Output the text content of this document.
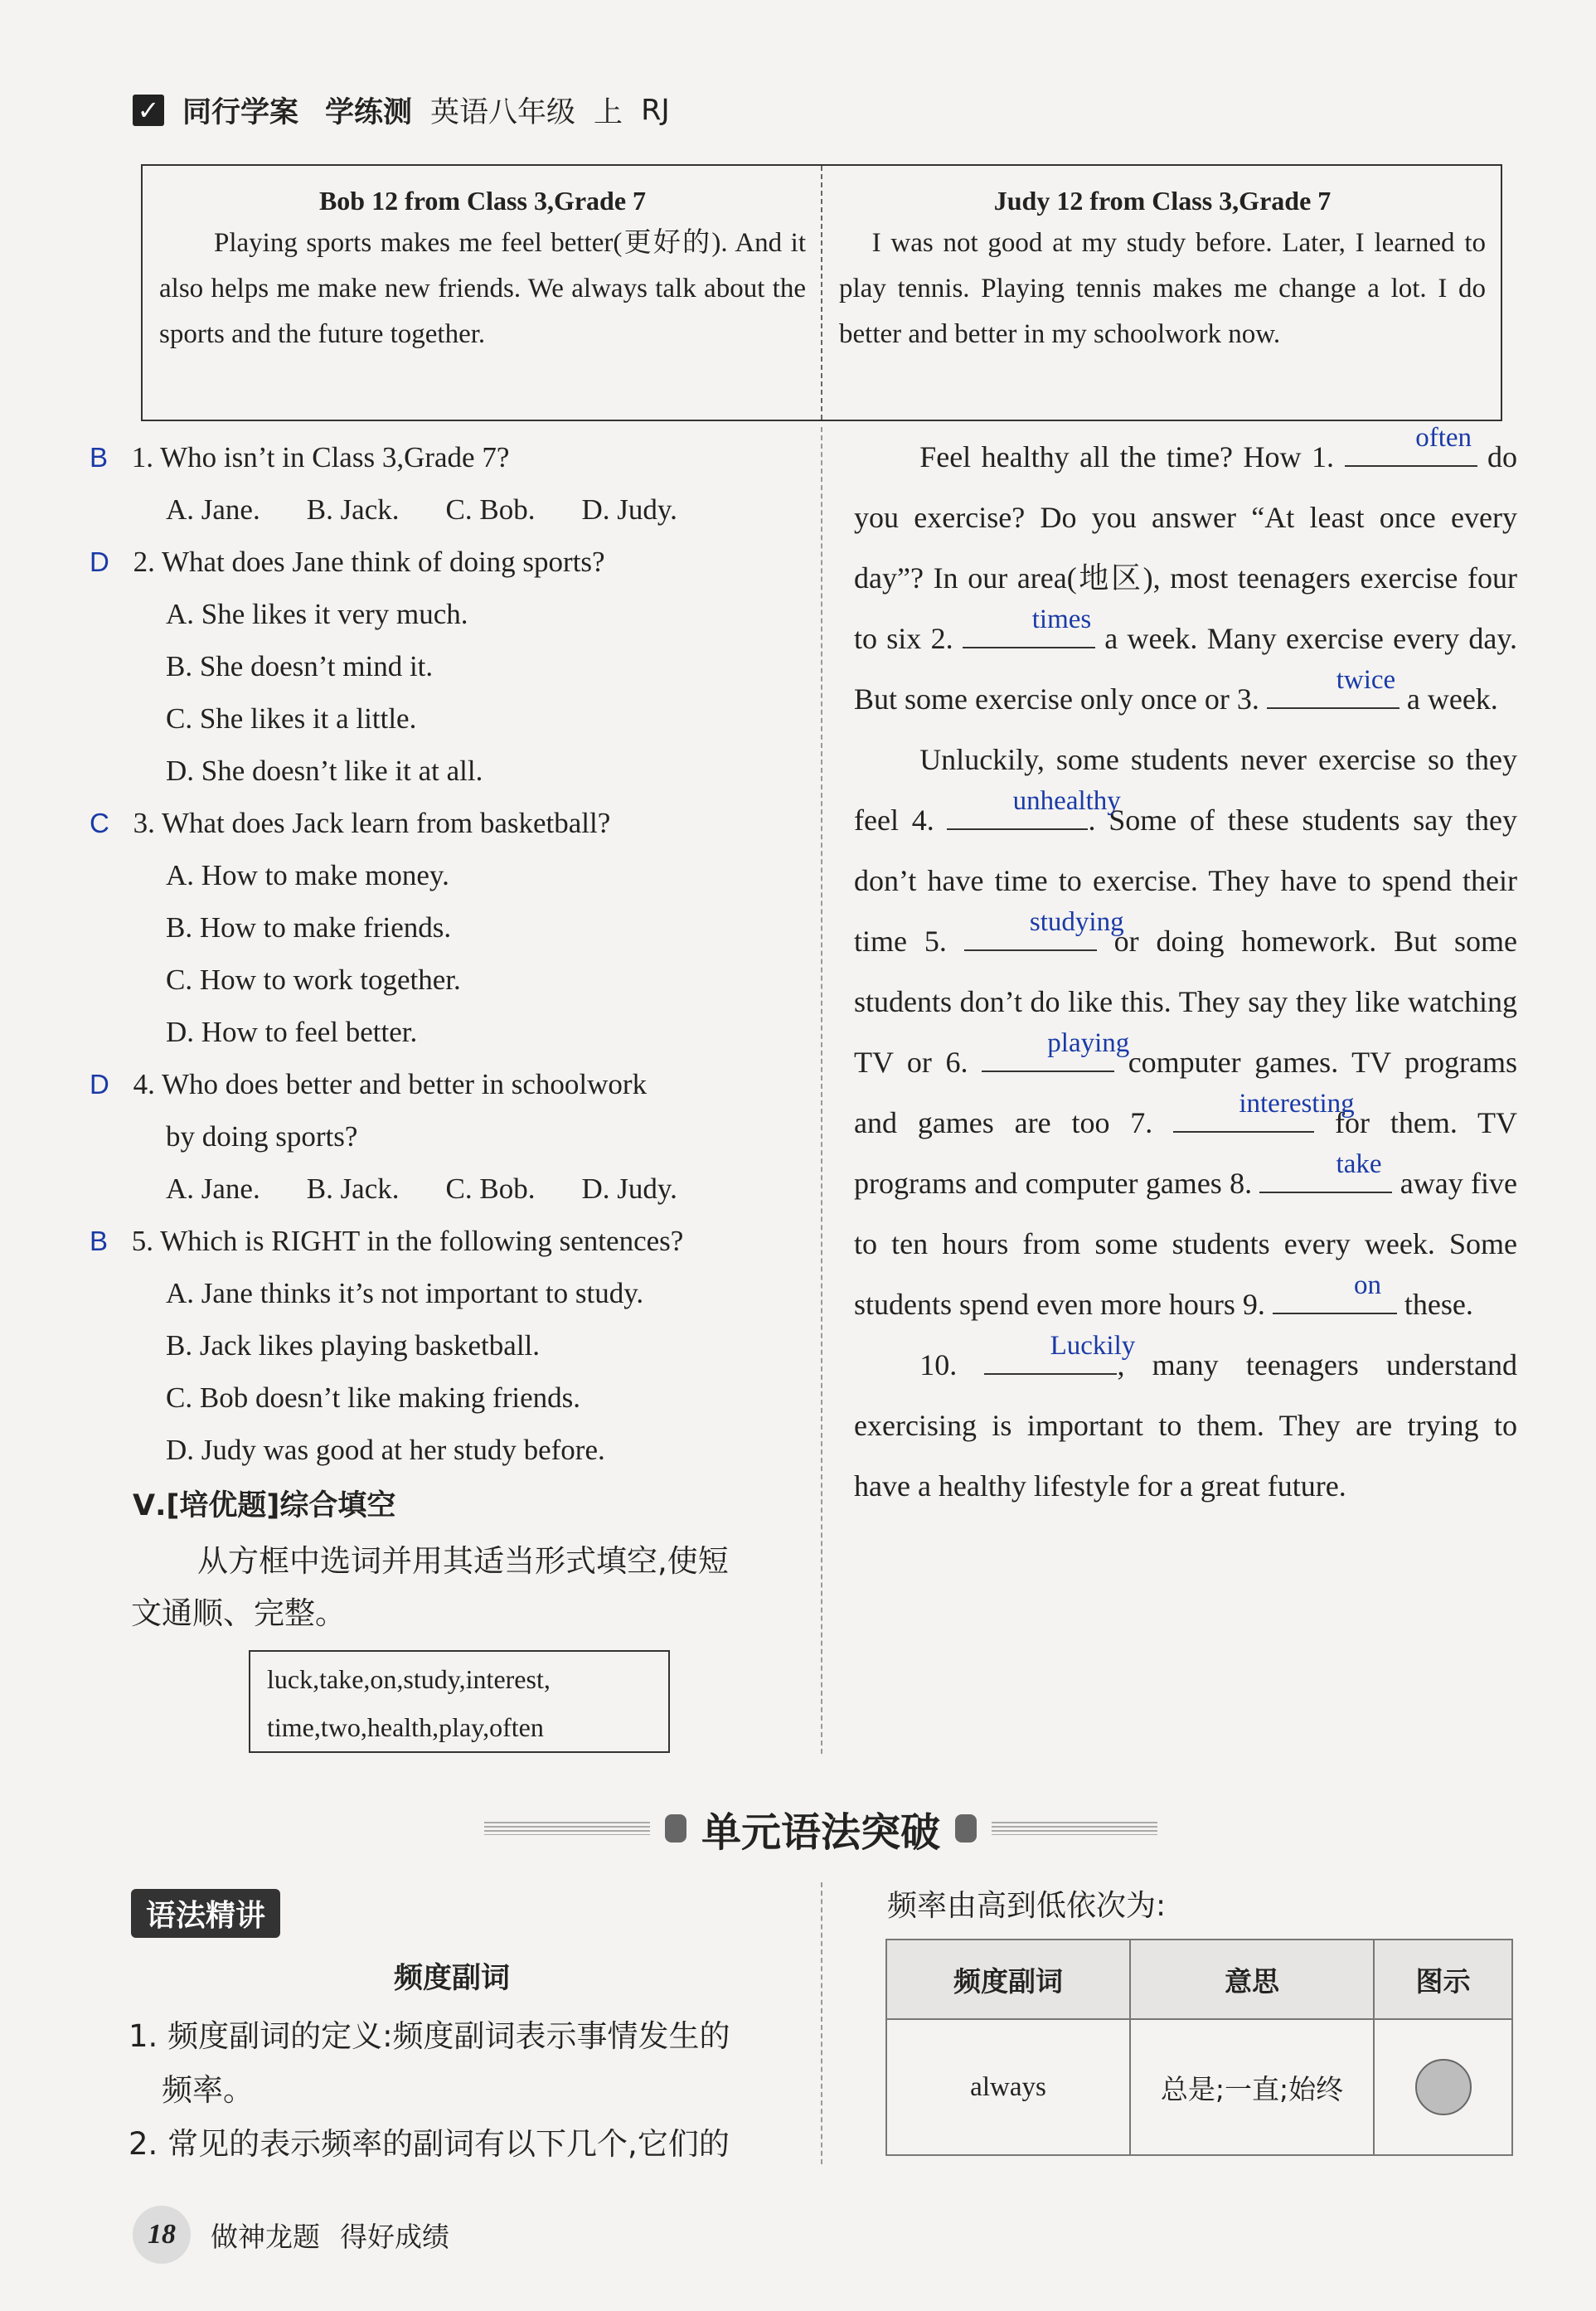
✓ 同行学案 学练测 英语八年级 上 RJ
Bob 12 from Class 3,Grade 7
Playing sports makes me feel better(更好的). And it also helps me make new friends. We always talk about the sports and the future together.
Judy 12 from Class 3,Grade 7
I was not good at my study before. Later, I learned to play tennis. Playing tennis makes me change a lot. I do better and better in my schoolwork now.
B 1. Who isn’t in Class 3,Grade 7?
A. Jane. B. Jack. C. Bob. D. Judy.
D 2. What does Jane think of doing sports?
A. She likes it very much.
B. She doesn’t mind it.
C. She likes it a little.
D. She doesn’t like it at all.
C 3. What does Jack learn from basketball?
A. How to make money.
B. How to make friends.
C. How to work together.
D. How to feel better.
D 4. Who does better and better in schoolwork
by doing sports?
A. Jane. B. Jack. C. Bob. D. Judy.
B 5. Which is RIGHT in the following sentences?
A. Jane thinks it’s not important to study.
B. Jack likes playing basketball.
C. Bob doesn’t like making friends.
D. Judy was good at her study before.
Ⅴ.[培优题]综合填空
从方框中选词并用其适当形式填空,使短
文通顺、完整。
luck,take,on,study,interest,
time,two,health,play,often
Feel healthy all the time? How 1.
often
do you exercise? Do you answer “At least once every day”? In our area(地区), most teenagers exercise four to six 2.
times
a week. Many exercise every day. But some exercise only once or 3.
twice
a week.
Unluckily, some students never exercise so they feel 4.
unhealthy
. Some of these students say they don’t have time to exercise. They have to spend their time 5.
studying
or doing homework. But some students don’t do like this. They say they like watching TV or 6.
playing
computer games. TV programs and games are too 7.
interesting
for them. TV programs and computer games 8.
take
away five to ten hours from some students every week. Some students spend even more hours 9.
on
these.
10.
Luckily
, many teenagers understand exercising is important to them. They are trying to have a healthy lifestyle for a great future.
单元语法突破
语法精讲
频度副词
1. 频度副词的定义:频度副词表示事情发生的
频率。
2. 常见的表示频率的副词有以下几个,它们的
频率由高到低依次为:
频度副词	意思	图示
always	总是;一直;始终	
18	做神龙题 得好成绩
